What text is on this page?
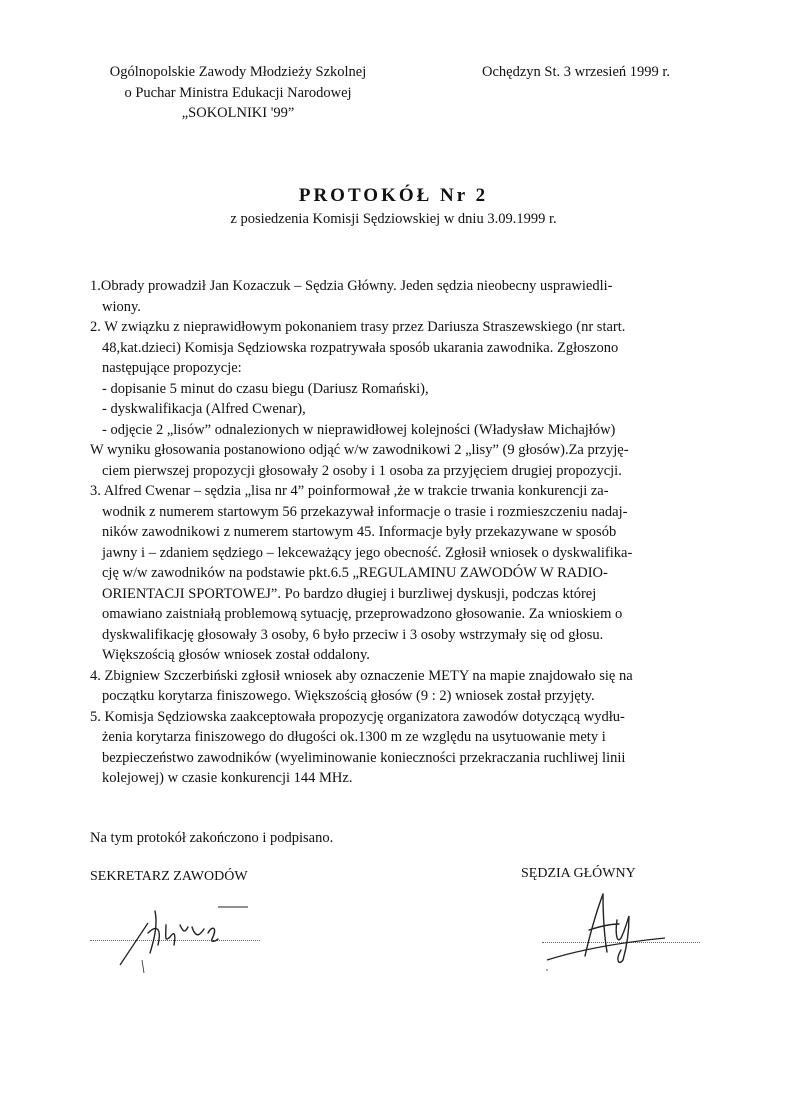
Ogólnopolskie Zawody Młodzieży Szkolnej
o Puchar Ministra Edukacji Narodowej
„SOKOLNIKI '99”
Ochędzyn St. 3 wrzesień 1999 r.
PROTOKÓŁ Nr 2
z posiedzenia Komisji Sędziowskiej w dniu 3.09.1999 r.
1.Obrady prowadził Jan Kozaczuk – Sędzia Główny. Jeden sędzia nieobecny usprawiedli-
wiony.
2. W związku z nieprawidłowym pokonaniem trasy przez Dariusza Straszewskiego (nr start.
48,kat.dzieci) Komisja Sędziowska rozpatrywała sposób ukarania zawodnika. Zgłoszono
następujące propozycje:
- dopisanie 5 minut do czasu biegu (Dariusz Romański),
- dyskwalifikacja (Alfred Cwenar),
- odjęcie 2 „lisów” odnalezionych w nieprawidłowej kolejności (Władysław Michajłów)
W wyniku głosowania postanowiono odjąć w/w zawodnikowi 2 „lisy” (9 głosów).Za przyję-
ciem pierwszej propozycji głosowały 2 osoby i 1 osoba za przyjęciem drugiej propozycji.
3. Alfred Cwenar – sędzia „lisa nr 4” poinformował ,że w trakcie trwania konkurencji za-
wodnik z numerem startowym 56 przekazywał informacje o trasie i rozmieszczeniu nadaj-
ników zawodnikowi z numerem startowym 45. Informacje były przekazywane w sposób
jawny i – zdaniem sędziego – lekceważący jego obecność. Zgłosił wniosek o dyskwalifika-
cję w/w zawodników na podstawie pkt.6.5 „REGULAMINU ZAWODÓW W RADIO-
ORIENTACJI SPORTOWEJ”. Po bardzo długiej i burzliwej dyskusji, podczas której
omawiano zaistniałą problemową sytuację, przeprowadzono głosowanie. Za wnioskiem o
dyskwalifikację głosowały 3 osoby, 6 było przeciw i 3 osoby wstrzymały się od głosu.
Większością głosów wniosek został oddalony.
4. Zbigniew Szczerbiński zgłosił wniosek aby oznaczenie METY na mapie znajdowało się na
początku korytarza finiszowego. Większością głosów (9 : 2) wniosek został przyjęty.
5. Komisja Sędziowska zaakceptowała propozycję organizatora zawodów dotyczącą wydłu-
żenia korytarza finiszowego do długości ok.1300 m ze względu na usytuowanie mety i
bezpieczeństwo zawodników (wyeliminowanie konieczności przekraczania ruchliwej linii
kolejowej) w czasie konkurencji 144 MHz.
Na tym protokół zakończono i podpisano.
SEKRETARZ ZAWODÓW	SĘDZIA GŁÓWNY
